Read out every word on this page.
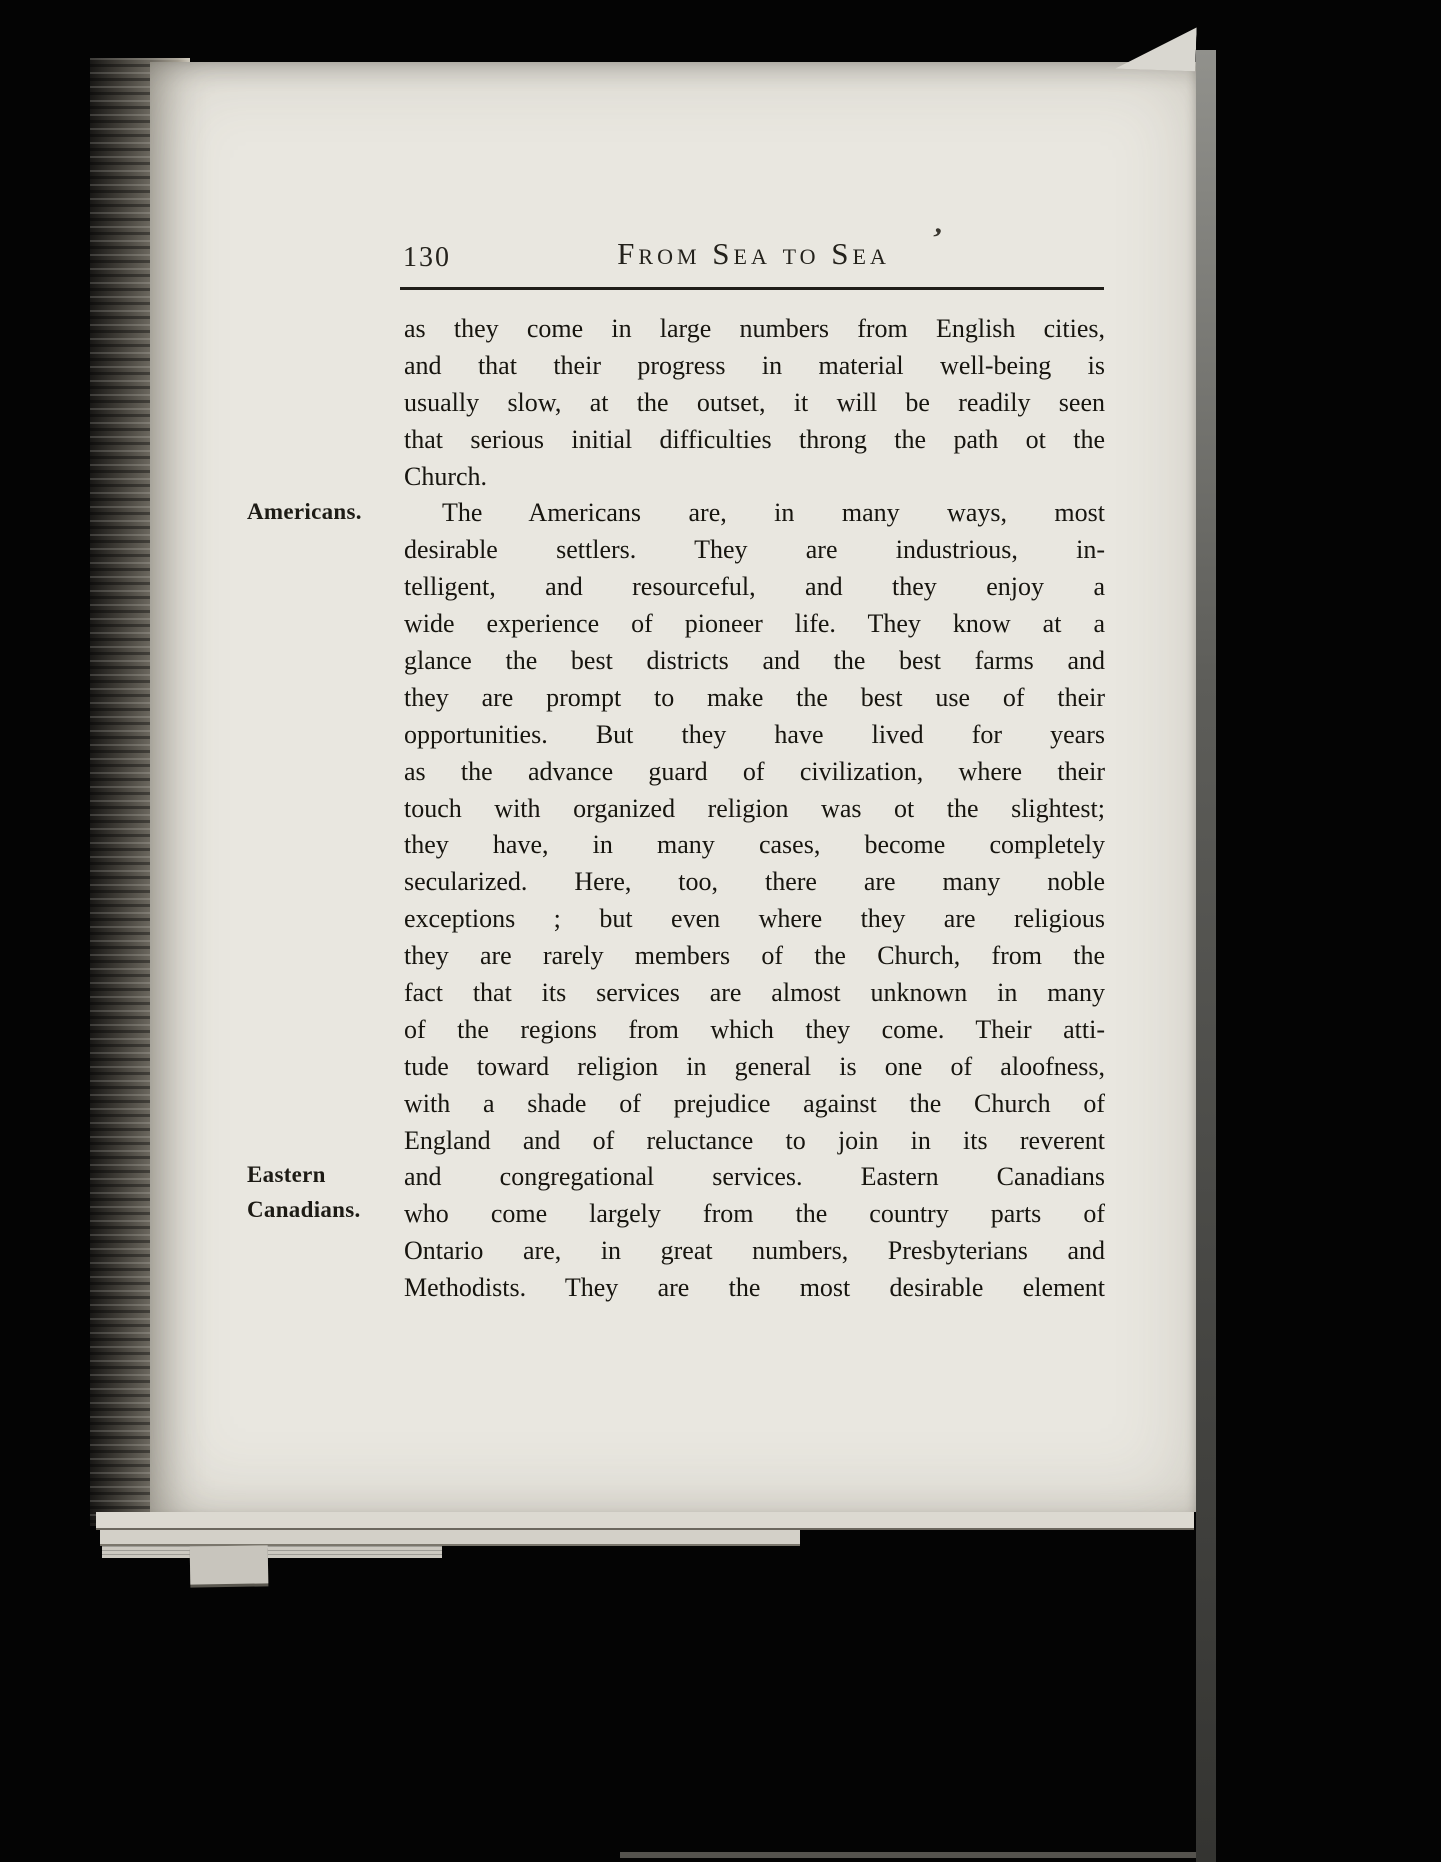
130	From Sea to Sea	’
Americans.
Eastern
Canadians.
as they come in large numbers from English cities,
and that their progress in material well-being is
usually slow, at the outset, it will be readily seen
that serious initial difficulties throng the path ot the
Church.
The Americans are, in many ways, most
desirable settlers. They are industrious, in-
telligent, and resourceful, and they enjoy a
wide experience of pioneer life. They know at a
glance the best districts and the best farms and
they are prompt to make the best use of their
opportunities. But they have lived for years
as the advance guard of civilization, where their
touch with organized religion was ot the slightest;
they have, in many cases, become completely
secularized. Here, too, there are many noble
exceptions ; but even where they are religious
they are rarely members of the Church, from the
fact that its services are almost unknown in many
of the regions from which they come. Their atti-
tude toward religion in general is one of aloofness,
with a shade of prejudice against the Church of
England and of reluctance to join in its reverent
and congregational services. Eastern Canadians
who come largely from the country parts of
Ontario are, in great numbers, Presbyterians and
Methodists. They are the most desirable element
